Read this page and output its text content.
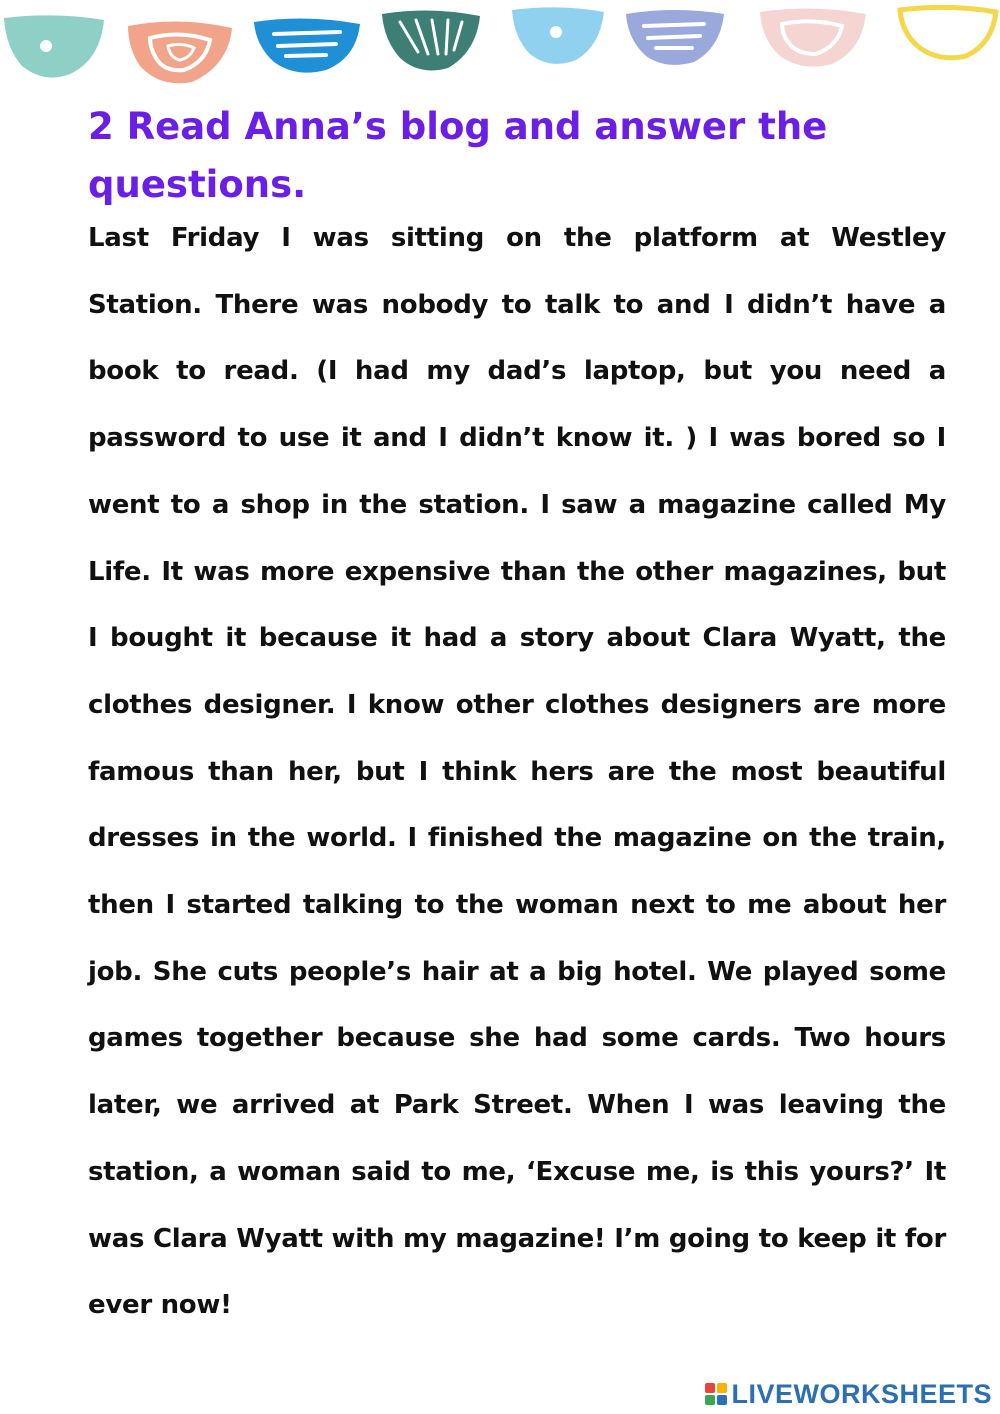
2 Read Anna’s blog and answer the questions.

Last Friday I was sitting on the platform at Westley Station. There was nobody to talk to and I didn’t have a book to read. (I had my dad’s laptop, but you need a password to use it and I didn’t know it. ) I was bored so I went to a shop in the station. I saw a magazine called My Life. It was more expensive than the other magazines, but I bought it because it had a story about Clara Wyatt, the clothes designer. I know other clothes designers are more famous than her, but I think hers are the most beautiful dresses in the world. I finished the magazine on the train, then I started talking to the woman next to me about her job. She cuts people’s hair at a big hotel. We played some games together because she had some cards. Two hours later, we arrived at Park Street. When I was leaving the station, a woman said to me, ‘Excuse me, is this yours?’ It was Clara Wyatt with my magazine! I’m going to keep it for ever now!

LIVEWORKSHEETS
